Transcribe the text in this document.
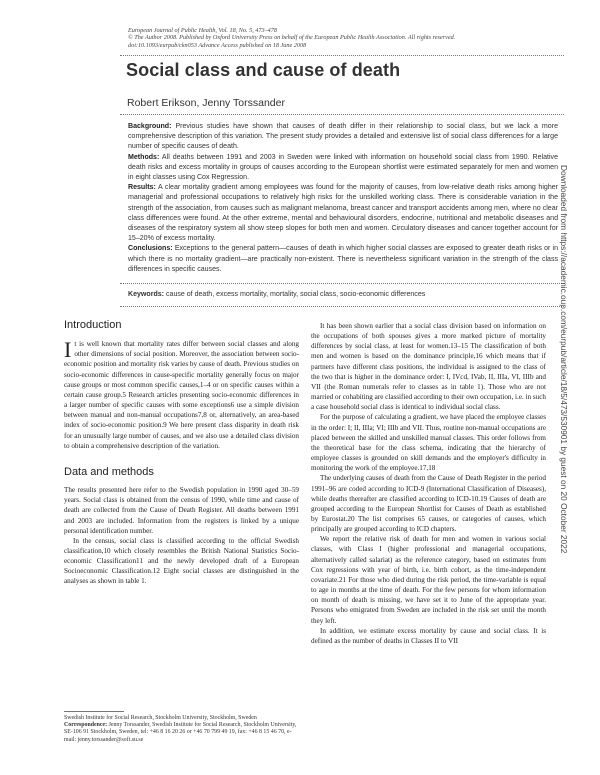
European Journal of Public Health, Vol. 18, No. 5, 473–478
© The Author 2008. Published by Oxford University Press on behalf of the European Public Health Association. All rights reserved.
doi:10.1093/eurpub/ckn053 Advance Access published on 18 June 2008
Social class and cause of death
Robert Erikson, Jenny Torssander

Background: Previous studies have shown that causes of death differ in their relationship to social class, but we lack a more comprehensive description of this variation. The present study provides a detailed and extensive list of social class differences for a large number of specific causes of death.

Methods: All deaths between 1991 and 2003 in Sweden were linked with information on household social class from 1990. Relative death risks and excess mortality in groups of causes according to the European shortlist were estimated separately for men and women in eight classes using Cox Regression.

Results: A clear mortality gradient among employees was found for the majority of causes, from low-relative death risks among higher managerial and professional occupations to relatively high risks for the unskilled working class. There is considerable variation in the strength of the association, from causes such as malignant melanoma, breast cancer and transport accidents among men, where no clear class differences were found. At the other extreme, mental and behavioural disorders, endocrine, nutritional and metabolic diseases and diseases of the respiratory system all show steep slopes for both men and women. Circulatory diseases and cancer together account for 15–20% of excess mortality.

Conclusions: Exceptions to the general pattern—causes of death in which higher social classes are exposed to greater death risks or in which there is no mortality gradient—are practically non-existent. There is nevertheless significant variation in the strength of the class differences in specific causes.

Keywords: cause of death, excess mortality, mortality, social class, socio-economic differences
Introduction

It is well known that mortality rates differ between social classes and along other dimensions of social position. Moreover, the association between socio-economic position and mortality risk varies by cause of death. Previous studies on socio-economic differences in cause-specific mortality generally focus on major cause groups or most common specific causes,1–4 or on specific causes within a certain cause group.5 Research articles presenting socio-economic differences in a larger number of specific causes with some exceptions6 use a simple division between manual and non-manual occupations7,8 or, alternatively, an area-based index of socio-economic position.9 We here present class disparity in death risk for an unusually large number of causes, and we also use a detailed class division to obtain a comprehensive description of the variation.

Data and methods

The results presented here refer to the Swedish population in 1990 aged 30–59 years. Social class is obtained from the census of 1990, while time and cause of death are collected from the Cause of Death Register. All deaths between 1991 and 2003 are included. Information from the registers is linked by a unique personal identification number.

In the census, social class is classified according to the official Swedish classification,10 which closely resembles the British National Statistics Socio-economic Classification11 and the newly developed draft of a European Socioeconomic Classification.12 Eight social classes are distinguished in the analyses as shown in table 1.

Swedish Institute for Social Research, Stockholm University, Stockholm, Sweden
Correspondence: Jenny Torssander, Swedish Institute for Social Research, Stockholm University, SE-106 91 Stockholm, Sweden, tel: +46 8 16 20 26 or +46 70 799 49 19, fax: +46 8 15 46 70, e-mail: jenny.torssander@sofi.su.se

It has been shown earlier that a social class division based on information on the occupations of both spouses gives a more marked picture of mortality differences by social class, at least for women.13–15 The classification of both men and women is based on the dominance principle,16 which means that if partners have different class positions, the individual is assigned to the class of the two that is higher in the dominance order: I, IVcd, IVab, II, IIIa, VI, IIIb and VII (the Roman numerals refer to classes as in table 1). Those who are not married or cohabiting are classified according to their own occupation, i.e. in such a case household social class is identical to individual social class.

For the purpose of calculating a gradient, we have placed the employee classes in the order: I; II, IIIa; VI; IIIb and VII. Thus, routine non-manual occupations are placed between the skilled and unskilled manual classes. This order follows from the theoretical base for the class schema, indicating that the hierarchy of employee classes is grounded on skill demands and the employer's difficulty in monitoring the work of the employee.17,18

The underlying causes of death from the Cause of Death Register in the period 1991–96 are coded according to ICD-9 (International Classification of Diseases), while deaths thereafter are classified according to ICD-10.19 Causes of death are grouped according to the European Shortlist for Causes of Death as established by Eurostat.20 The list comprises 65 causes, or categories of causes, which principally are grouped according to ICD chapters.

We report the relative risk of death for men and women in various social classes, with Class I (higher professional and managerial occupations, alternatively called salariat) as the reference category, based on estimates from Cox regressions with year of birth, i.e. birth cohort, as the time-independent covariate.21 For those who died during the risk period, the time-variable is equal to age in months at the time of death. For the few persons for whom information on month of death is missing, we have set it to June of the appropriate year. Persons who emigrated from Sweden are included in the risk set until the month they left.

In addition, we estimate excess mortality by cause and social class. It is defined as the number of deaths in Classes II to VII

Downloaded from https://academic.oup.com/eurpub/article/18/5/473/530901 by guest on 20 October 2022
